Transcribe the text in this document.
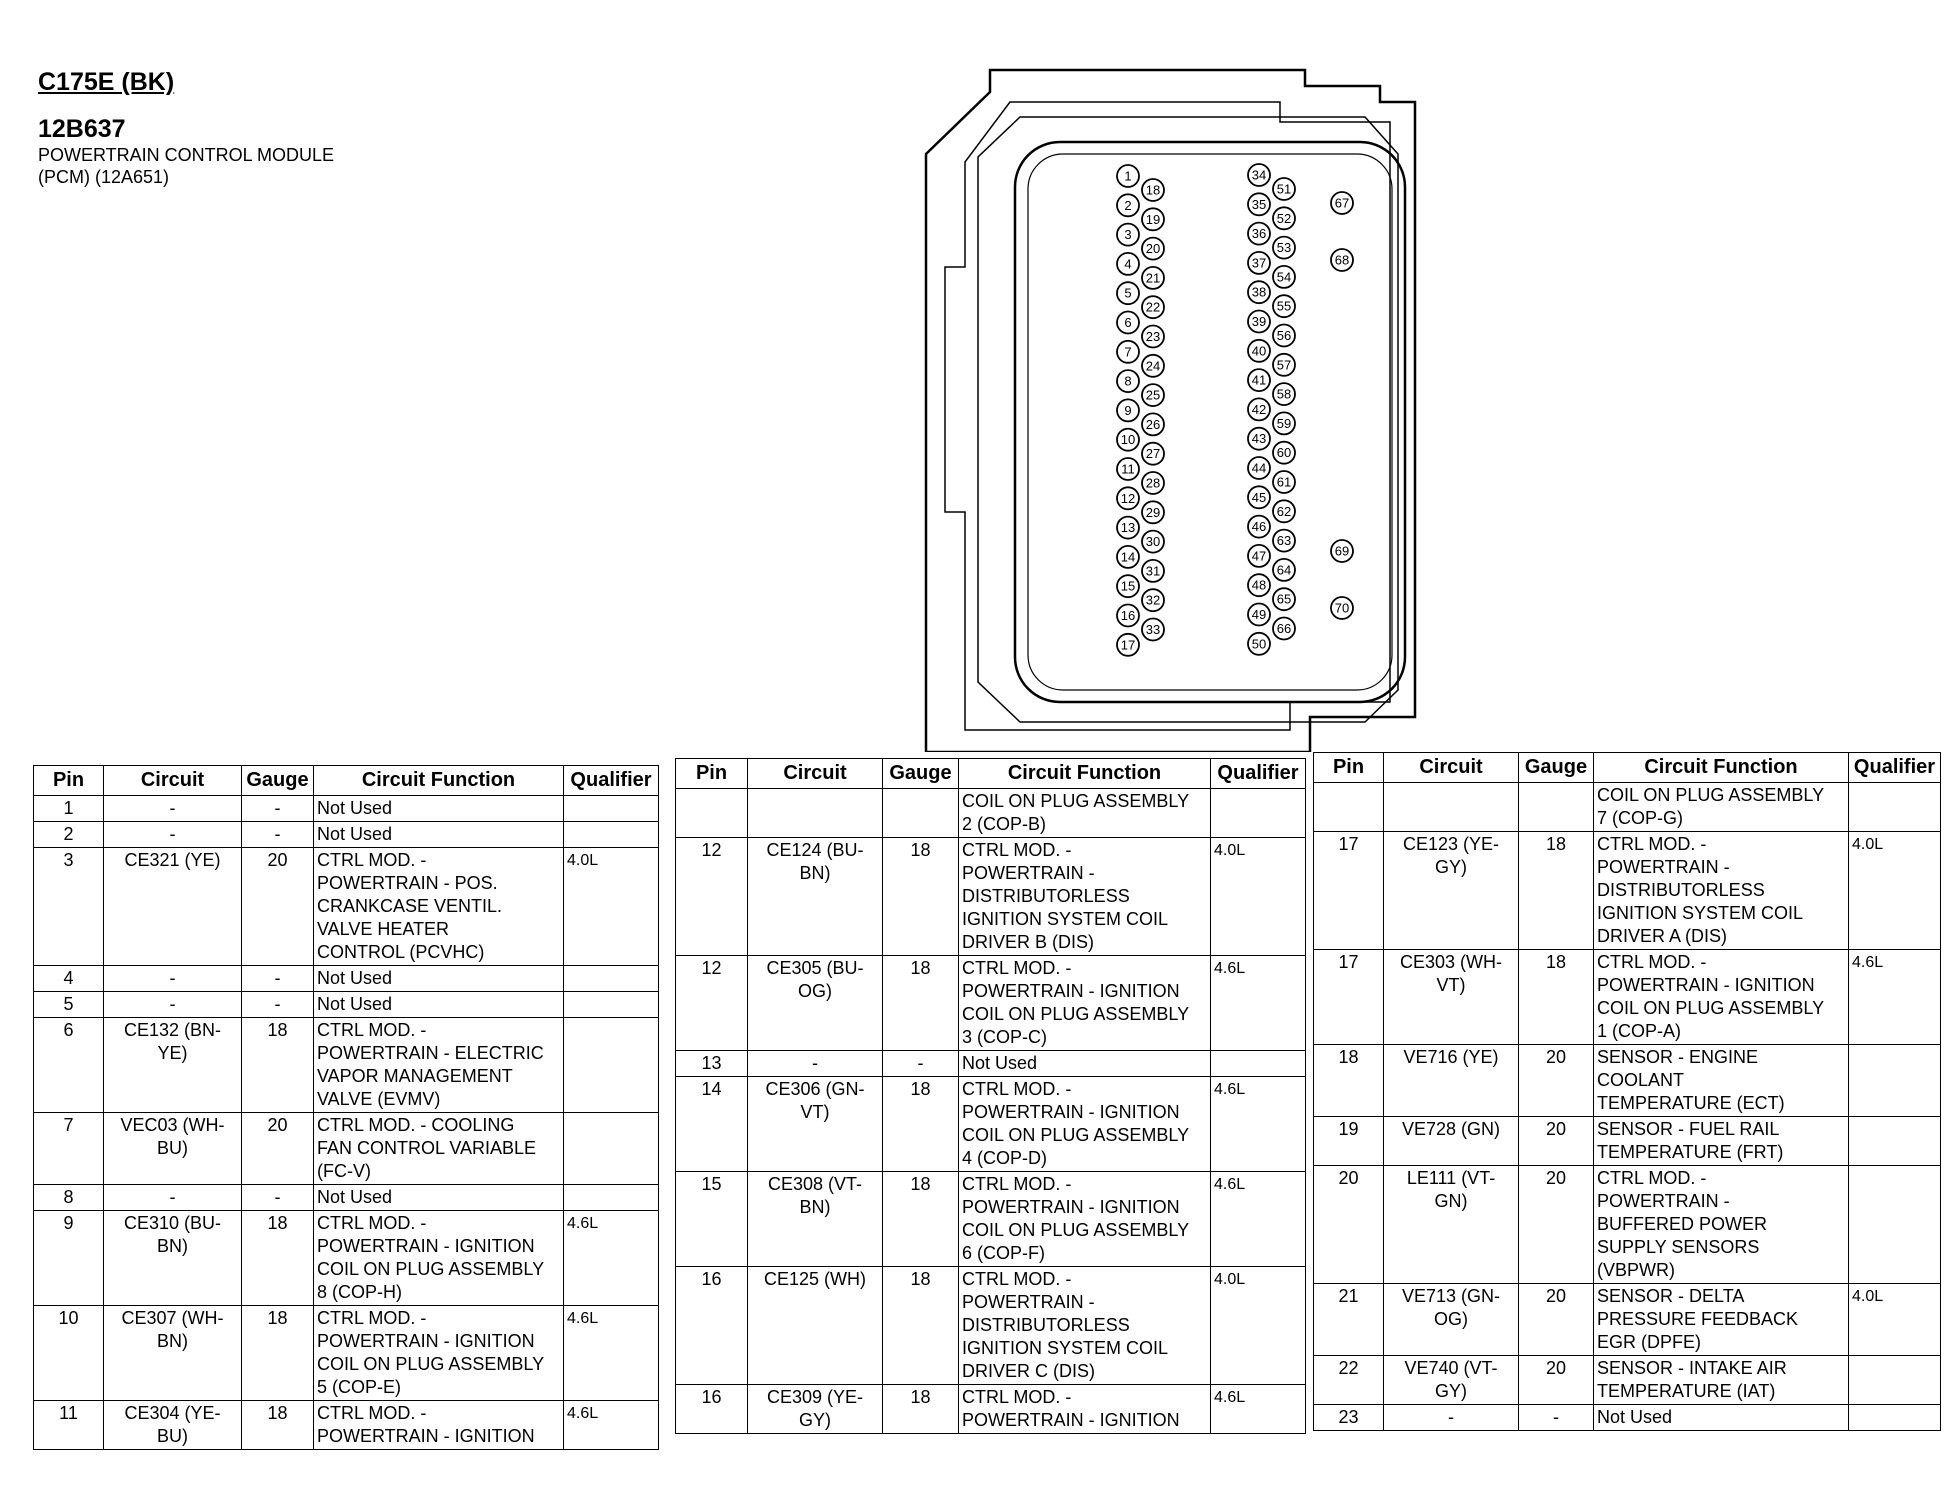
C175E (BK)
12B637
POWERTRAIN CONTROL MODULE
(PCM) (12A651)	1
2
3
4
5
6
7
8
9
10
11
12
13
14
15
16
17
18
19
20
21
22
23
24
25
26
27
28
29
30
31
32
33
34
35
36
37
38
39
40
41
42
43
44
45
46
47
48
49
50
51
52
53
54
55
56
57
58
59
60
61
62
63
64
65
66
67
68
69
70
Pin	Circuit	Gauge	Circuit Function	Qualifier
1	-	-	Not Used	
2	-	-	Not Used	
3	CE321 (YE)	20	CTRL MOD. -
POWERTRAIN - POS.
CRANKCASE VENTIL.
VALVE HEATER
CONTROL (PCVHC)	4.0L
4	-	-	Not Used	
5	-	-	Not Used	
6	CE132 (BN-
YE)	18	CTRL MOD. -
POWERTRAIN - ELECTRIC
VAPOR MANAGEMENT
VALVE (EVMV)	
7	VEC03 (WH-
BU)	20	CTRL MOD. - COOLING
FAN CONTROL VARIABLE
(FC-V)	
8	-	-	Not Used	
9	CE310 (BU-
BN)	18	CTRL MOD. -
POWERTRAIN - IGNITION
COIL ON PLUG ASSEMBLY
8 (COP-H)	4.6L
10	CE307 (WH-
BN)	18	CTRL MOD. -
POWERTRAIN - IGNITION
COIL ON PLUG ASSEMBLY
5 (COP-E)	4.6L
11	CE304 (YE-
BU)	18	CTRL MOD. -
POWERTRAIN - IGNITION	4.6L
Pin	Circuit	Gauge	Circuit Function	Qualifier
			COIL ON PLUG ASSEMBLY
2 (COP-B)	
12	CE124 (BU-
BN)	18	CTRL MOD. -
POWERTRAIN -
DISTRIBUTORLESS
IGNITION SYSTEM COIL
DRIVER B (DIS)	4.0L
12	CE305 (BU-
OG)	18	CTRL MOD. -
POWERTRAIN - IGNITION
COIL ON PLUG ASSEMBLY
3 (COP-C)	4.6L
13	-	-	Not Used	
14	CE306 (GN-
VT)	18	CTRL MOD. -
POWERTRAIN - IGNITION
COIL ON PLUG ASSEMBLY
4 (COP-D)	4.6L
15	CE308 (VT-
BN)	18	CTRL MOD. -
POWERTRAIN - IGNITION
COIL ON PLUG ASSEMBLY
6 (COP-F)	4.6L
16	CE125 (WH)	18	CTRL MOD. -
POWERTRAIN -
DISTRIBUTORLESS
IGNITION SYSTEM COIL
DRIVER C (DIS)	4.0L
16	CE309 (YE-
GY)	18	CTRL MOD. -
POWERTRAIN - IGNITION	4.6L
Pin	Circuit	Gauge	Circuit Function	Qualifier
			COIL ON PLUG ASSEMBLY
7 (COP-G)	
17	CE123 (YE-
GY)	18	CTRL MOD. -
POWERTRAIN -
DISTRIBUTORLESS
IGNITION SYSTEM COIL
DRIVER A (DIS)	4.0L
17	CE303 (WH-
VT)	18	CTRL MOD. -
POWERTRAIN - IGNITION
COIL ON PLUG ASSEMBLY
1 (COP-A)	4.6L
18	VE716 (YE)	20	SENSOR - ENGINE
COOLANT
TEMPERATURE (ECT)	
19	VE728 (GN)	20	SENSOR - FUEL RAIL
TEMPERATURE (FRT)	
20	LE111 (VT-
GN)	20	CTRL MOD. -
POWERTRAIN -
BUFFERED POWER
SUPPLY SENSORS
(VBPWR)	
21	VE713 (GN-
OG)	20	SENSOR - DELTA
PRESSURE FEEDBACK
EGR (DPFE)	4.0L
22	VE740 (VT-
GY)	20	SENSOR - INTAKE AIR
TEMPERATURE (IAT)	
23	-	-	Not Used	
